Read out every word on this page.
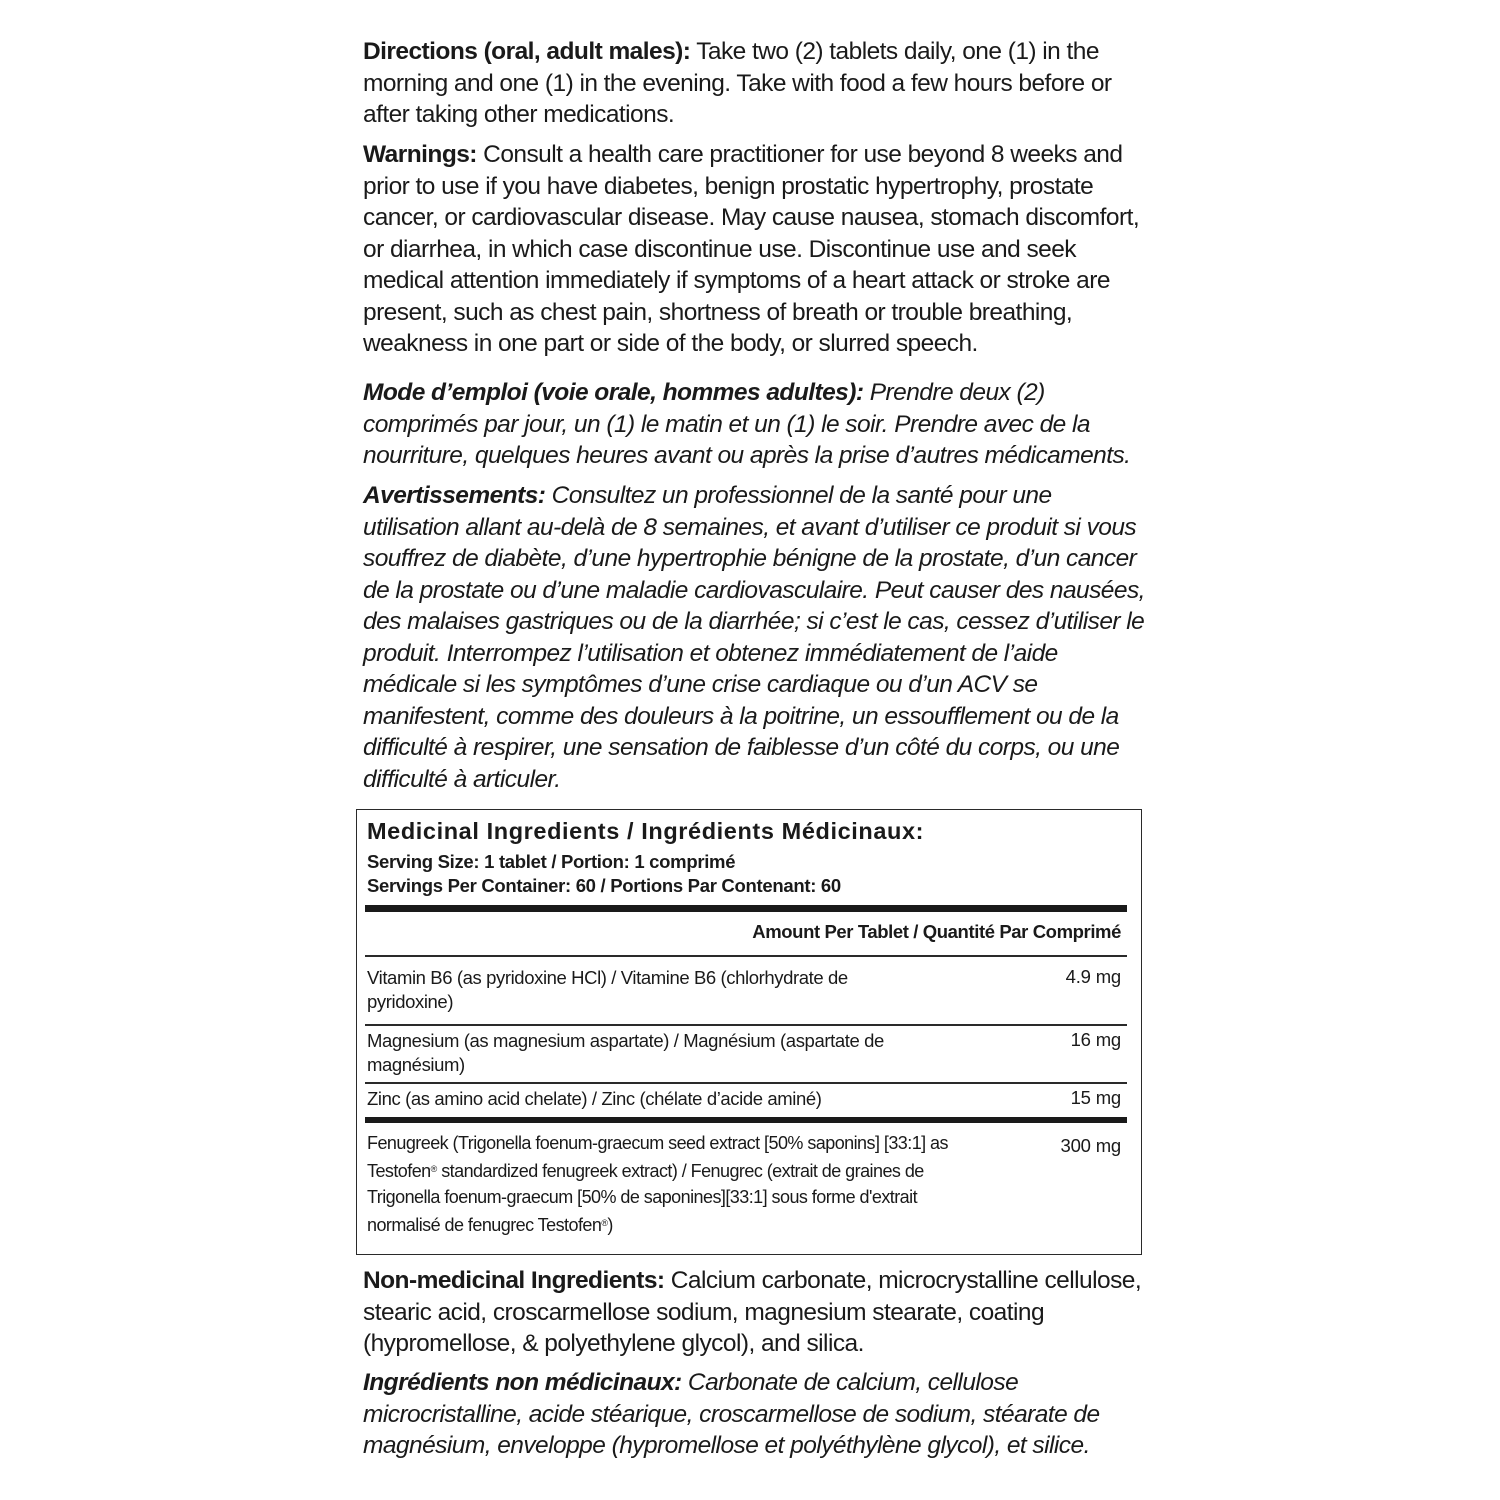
Directions (oral, adult males): Take two (2) tablets daily, one (1) in the morning and one (1) in the evening. Take with food a few hours before or after taking other medications.

Warnings: Consult a health care practitioner for use beyond 8 weeks and prior to use if you have diabetes, benign prostatic hypertrophy, prostate cancer, or cardiovascular disease. May cause nausea, stomach discomfort, or diarrhea, in which case discontinue use. Discontinue use and seek medical attention immediately if symptoms of a heart attack or stroke are present, such as chest pain, shortness of breath or trouble breathing, weakness in one part or side of the body, or slurred speech.

Mode d’emploi (voie orale, hommes adultes): Prendre deux (2) comprimés par jour, un (1) le matin et un (1) le soir. Prendre avec de la nourriture, quelques heures avant ou après la prise d’autres médicaments.

Avertissements: Consultez un professionnel de la santé pour une utilisation allant au-delà de 8 semaines, et avant d’utiliser ce produit si vous souffrez de diabète, d’une hypertrophie bénigne de la prostate, d’un cancer de la prostate ou d’une maladie cardiovasculaire. Peut causer des nausées, des malaises gastriques ou de la diarrhée; si c’est le cas, cessez d’utiliser le produit. Interrompez l’utilisation et obtenez immédiatement de l’aide médicale si les symptômes d’une crise cardiaque ou d’un ACV se manifestent, comme des douleurs à la poitrine, un essoufflement ou de la difficulté à respirer, une sensation de faiblesse d’un côté du corps, ou une difficulté à articuler.

Medicinal Ingredients / Ingrédients Médicinaux:
Serving Size: 1 tablet / Portion: 1 comprimé
Servings Per Container: 60 / Portions Par Contenant: 60
Amount Per Tablet / Quantité Par Comprimé
Vitamin B6 (as pyridoxine HCl) / Vitamine B6 (chlorhydrate de pyridoxine)
4.9 mg
Magnesium (as magnesium aspartate) / Magnésium (aspartate de magnésium)
16 mg
Zinc (as amino acid chelate) / Zinc (chélate d’acide aminé)	15 mg
Fenugreek (Trigonella foenum-graecum seed extract [50% saponins] [33:1] as Testofen® standardized fenugreek extract) / Fenugrec (extrait de graines de Trigonella foenum-graecum [50% de saponines][33:1] sous forme d'extrait normalisé de fenugrec Testofen®)
300 mg

Non-medicinal Ingredients: Calcium carbonate, microcrystalline cellulose, stearic acid, croscarmellose sodium, magnesium stearate, coating (hypromellose, & polyethylene glycol), and silica.

Ingrédients non médicinaux: Carbonate de calcium, cellulose microcristalline, acide stéarique, croscarmellose de sodium, stéarate de magnésium, enveloppe (hypromellose et polyéthylène glycol), et silice.
